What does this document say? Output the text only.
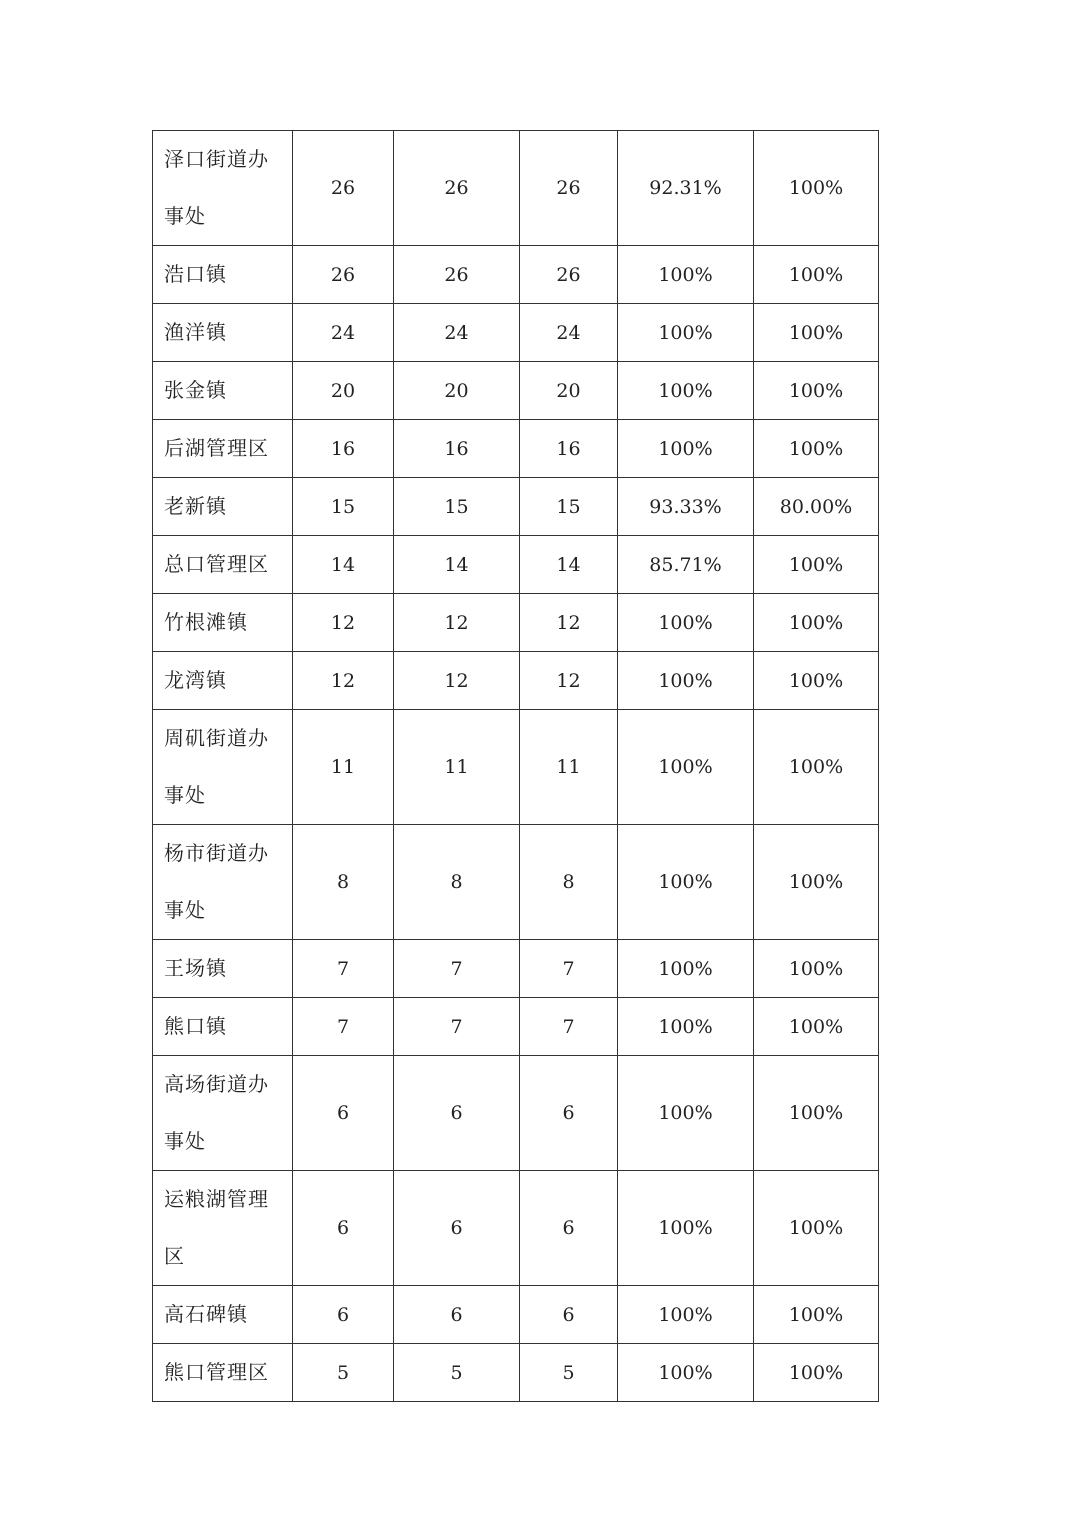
泽口街道办事处	26	26	26	92.31%	100%
浩口镇	26	26	26	100%	100%
渔洋镇	24	24	24	100%	100%
张金镇	20	20	20	100%	100%
后湖管理区	16	16	16	100%	100%
老新镇	15	15	15	93.33%	80.00%
总口管理区	14	14	14	85.71%	100%
竹根滩镇	12	12	12	100%	100%
龙湾镇	12	12	12	100%	100%
周矶街道办事处	11	11	11	100%	100%
杨市街道办事处	8	8	8	100%	100%
王场镇	7	7	7	100%	100%
熊口镇	7	7	7	100%	100%
高场街道办事处	6	6	6	100%	100%
运粮湖管理区	6	6	6	100%	100%
高石碑镇	6	6	6	100%	100%
熊口管理区	5	5	5	100%	100%
